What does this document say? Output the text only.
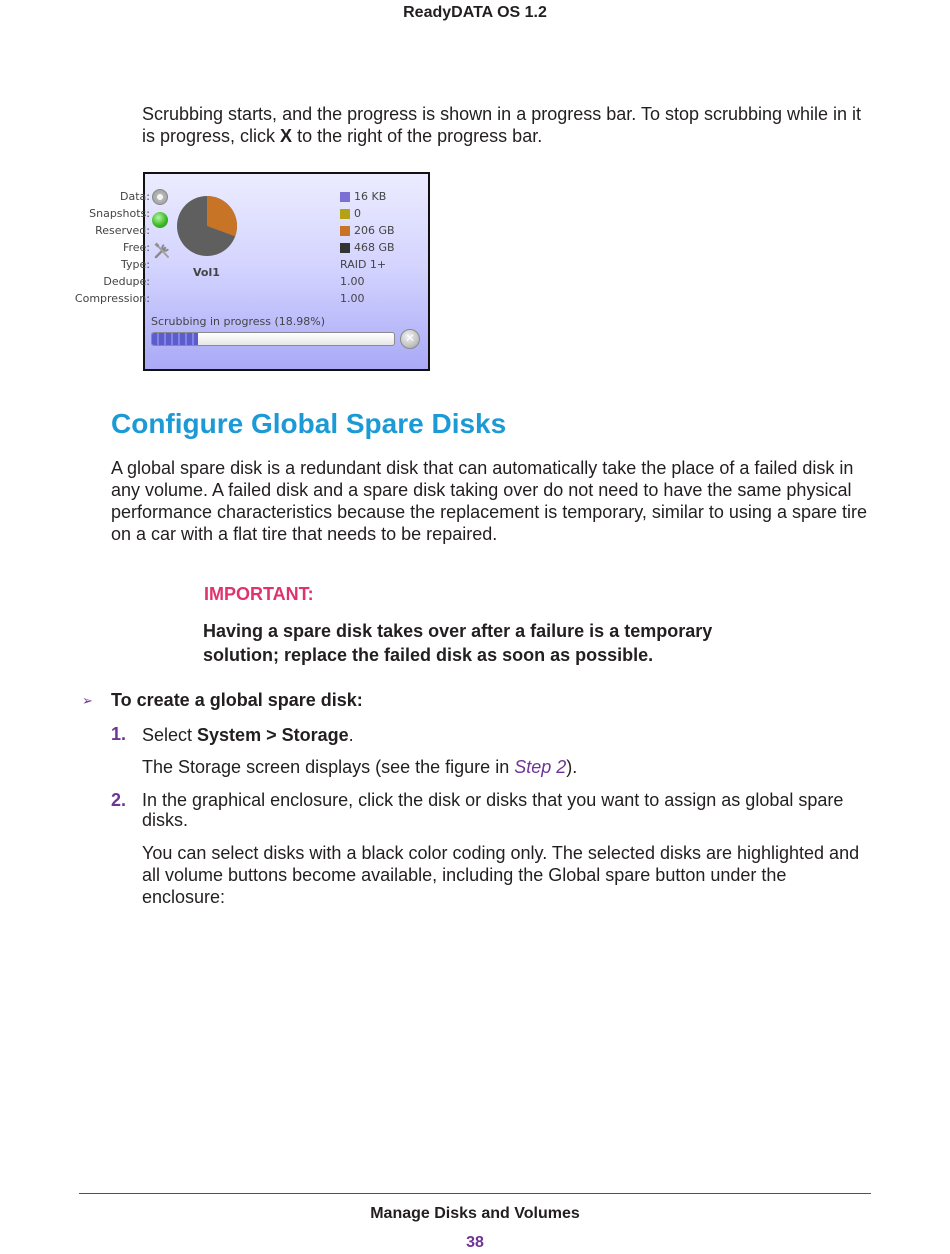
ReadyDATA OS 1.2
Scrubbing starts, and the progress is shown in a progress bar. To stop scrubbing while in it is progress, click X to the right of the progress bar.
Vol1
Data:	16 KB
Snapshots:	0
Reserved:	206 GB
Free:	468 GB
Type:	RAID 1+
Dedupe:	1.00
Compression:	1.00
Scrubbing in progress (18.98%)
✕
Configure Global Spare Disks
A global spare disk is a redundant disk that can automatically take the place of a failed disk in any volume. A failed disk and a spare disk taking over do not need to have the same physical performance characteristics because the replacement is temporary, similar to using a spare tire on a car with a flat tire that needs to be repaired.
IMPORTANT:
Having a spare disk takes over after a failure is a temporary solution; replace the failed disk as soon as possible.
➢ To create a global spare disk:
1. Select System > Storage.
The Storage screen displays (see the figure in Step 2).
2. In the graphical enclosure, click the disk or disks that you want to assign as global spare disks.
You can select disks with a black color coding only. The selected disks are highlighted and all volume buttons become available, including the Global spare button under the enclosure:
Manage Disks and Volumes
38
